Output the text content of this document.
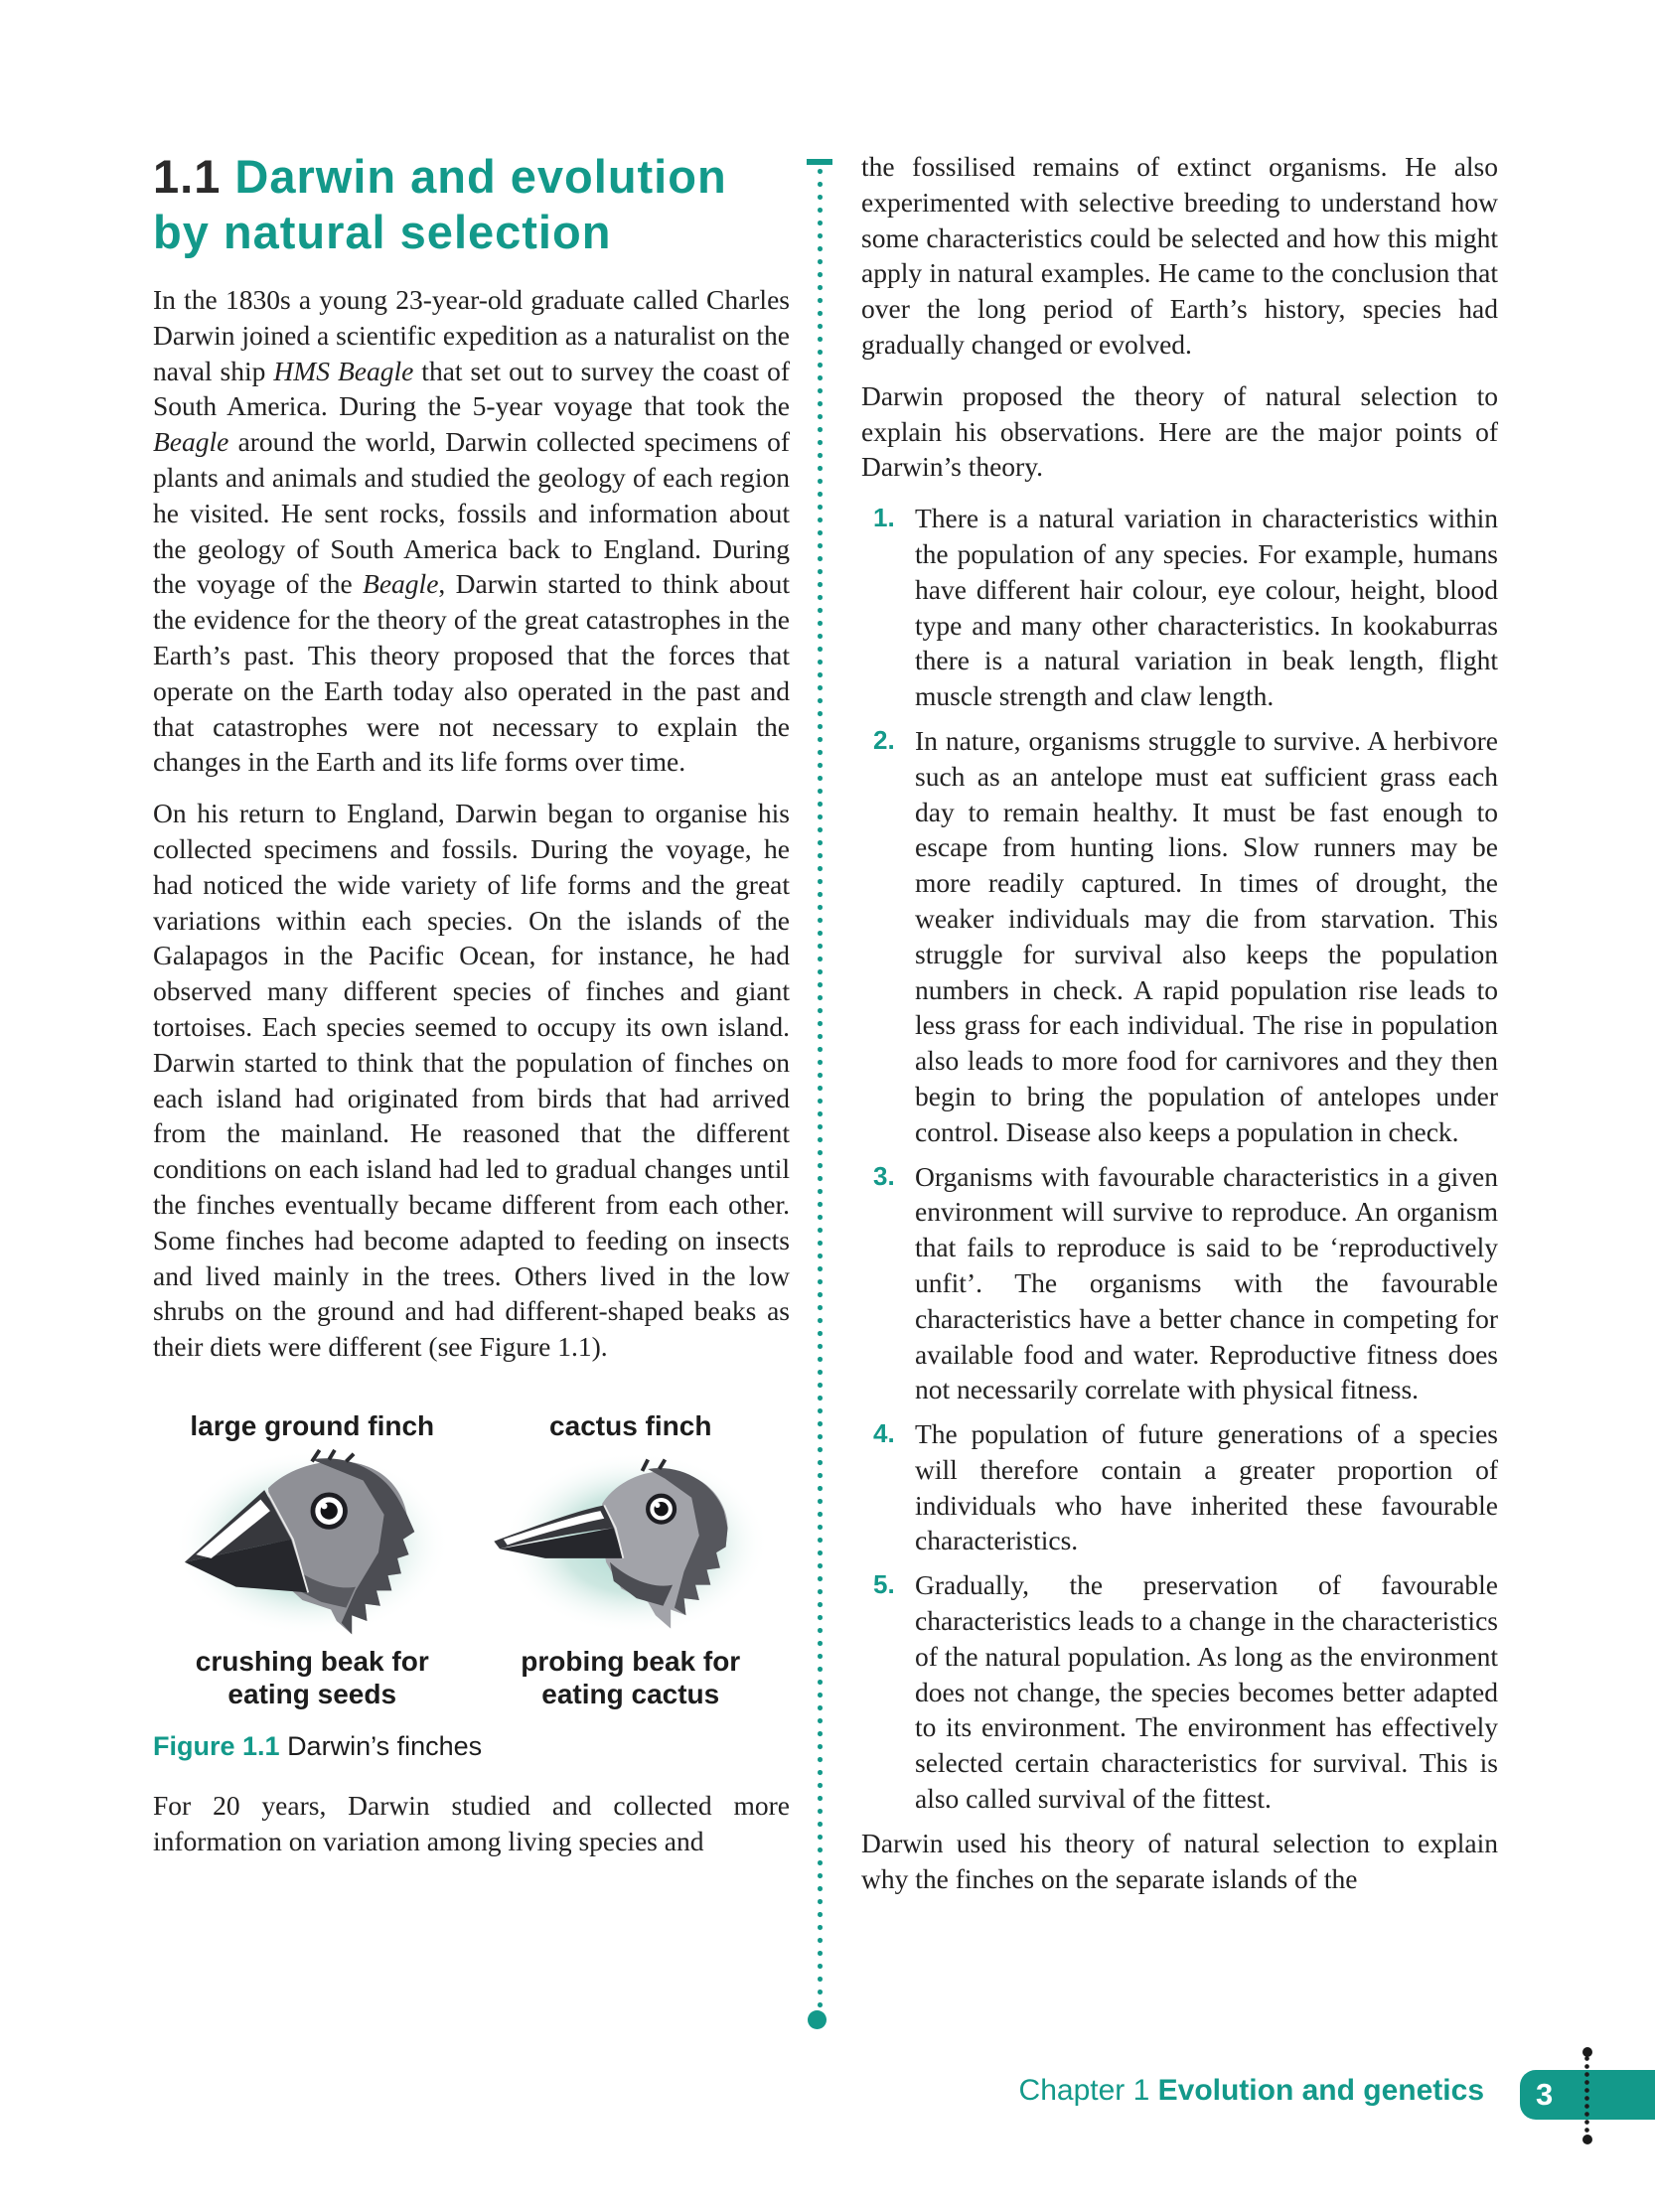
1.1 Darwin and evolution by natural selection

In the 1830s a young 23-year-old graduate called Charles Darwin joined a scientific expedition as a naturalist on the naval ship HMS Beagle that set out to survey the coast of South America. During the 5-year voyage that took the Beagle around the world, Darwin collected specimens of plants and animals and studied the geology of each region he visited. He sent rocks, fossils and information about the geology of South America back to England. During the voyage of the Beagle, Darwin started to think about the evidence for the theory of the great catastrophes in the Earth’s past. This theory proposed that the forces that operate on the Earth today also operated in the past and that catastrophes were not necessary to explain the changes in the Earth and its life forms over time.

On his return to England, Darwin began to organise his collected specimens and fossils. During the voyage, he had noticed the wide variety of life forms and the great variations within each species. On the islands of the Galapagos in the Pacific Ocean, for instance, he had observed many different species of finches and giant tortoises. Each species seemed to occupy its own island. Darwin started to think that the population of finches on each island had originated from birds that had arrived from the mainland. He reasoned that the different conditions on each island had led to gradual changes until the finches eventually became different from each other. Some finches had become adapted to feeding on insects and lived mainly in the trees. Others lived in the low shrubs on the ground and had different-shaped beaks as their diets were different (see Figure 1.1).

large ground finch
crushing beak for
eating seeds
cactus finch
probing beak for
eating cactus
Figure 1.1 Darwin’s finches

For 20 years, Darwin studied and collected more information on variation among living species and

the fossilised remains of extinct organisms. He also experimented with selective breeding to understand how some characteristics could be selected and how this might apply in natural examples. He came to the conclusion that over the long period of Earth’s history, species had gradually changed or evolved.

Darwin proposed the theory of natural selection to explain his observations. Here are the major points of Darwin’s theory.

1. There is a natural variation in characteristics within the population of any species. For example, humans have different hair colour, eye colour, height, blood type and many other characteristics. In kookaburras there is a natural variation in beak length, flight muscle strength and claw length.
2. In nature, organisms struggle to survive. A herbivore such as an antelope must eat sufficient grass each day to remain healthy. It must be fast enough to escape from hunting lions. Slow runners may be more readily captured. In times of drought, the weaker individuals may die from starvation. This struggle for survival also keeps the population numbers in check. A rapid population rise leads to less grass for each individual. The rise in population also leads to more food for carnivores and they then begin to bring the population of antelopes under control. Disease also keeps a population in check.
3. Organisms with favourable characteristics in a given environment will survive to reproduce. An organism that fails to reproduce is said to be ‘reproductively unfit’. The organisms with the favourable characteristics have a better chance in competing for available food and water. Reproductive fitness does not necessarily correlate with physical fitness.
4. The population of future generations of a species will therefore contain a greater proportion of individuals who have inherited these favourable characteristics.
5. Gradually, the preservation of favourable characteristics leads to a change in the characteristics of the natural population. As long as the environment does not change, the species becomes better adapted to its environment. The environment has effectively selected certain characteristics for survival. This is also called survival of the fittest.

Darwin used his theory of natural selection to explain why the finches on the separate islands of the

Chapter 1 Evolution and genetics 3
